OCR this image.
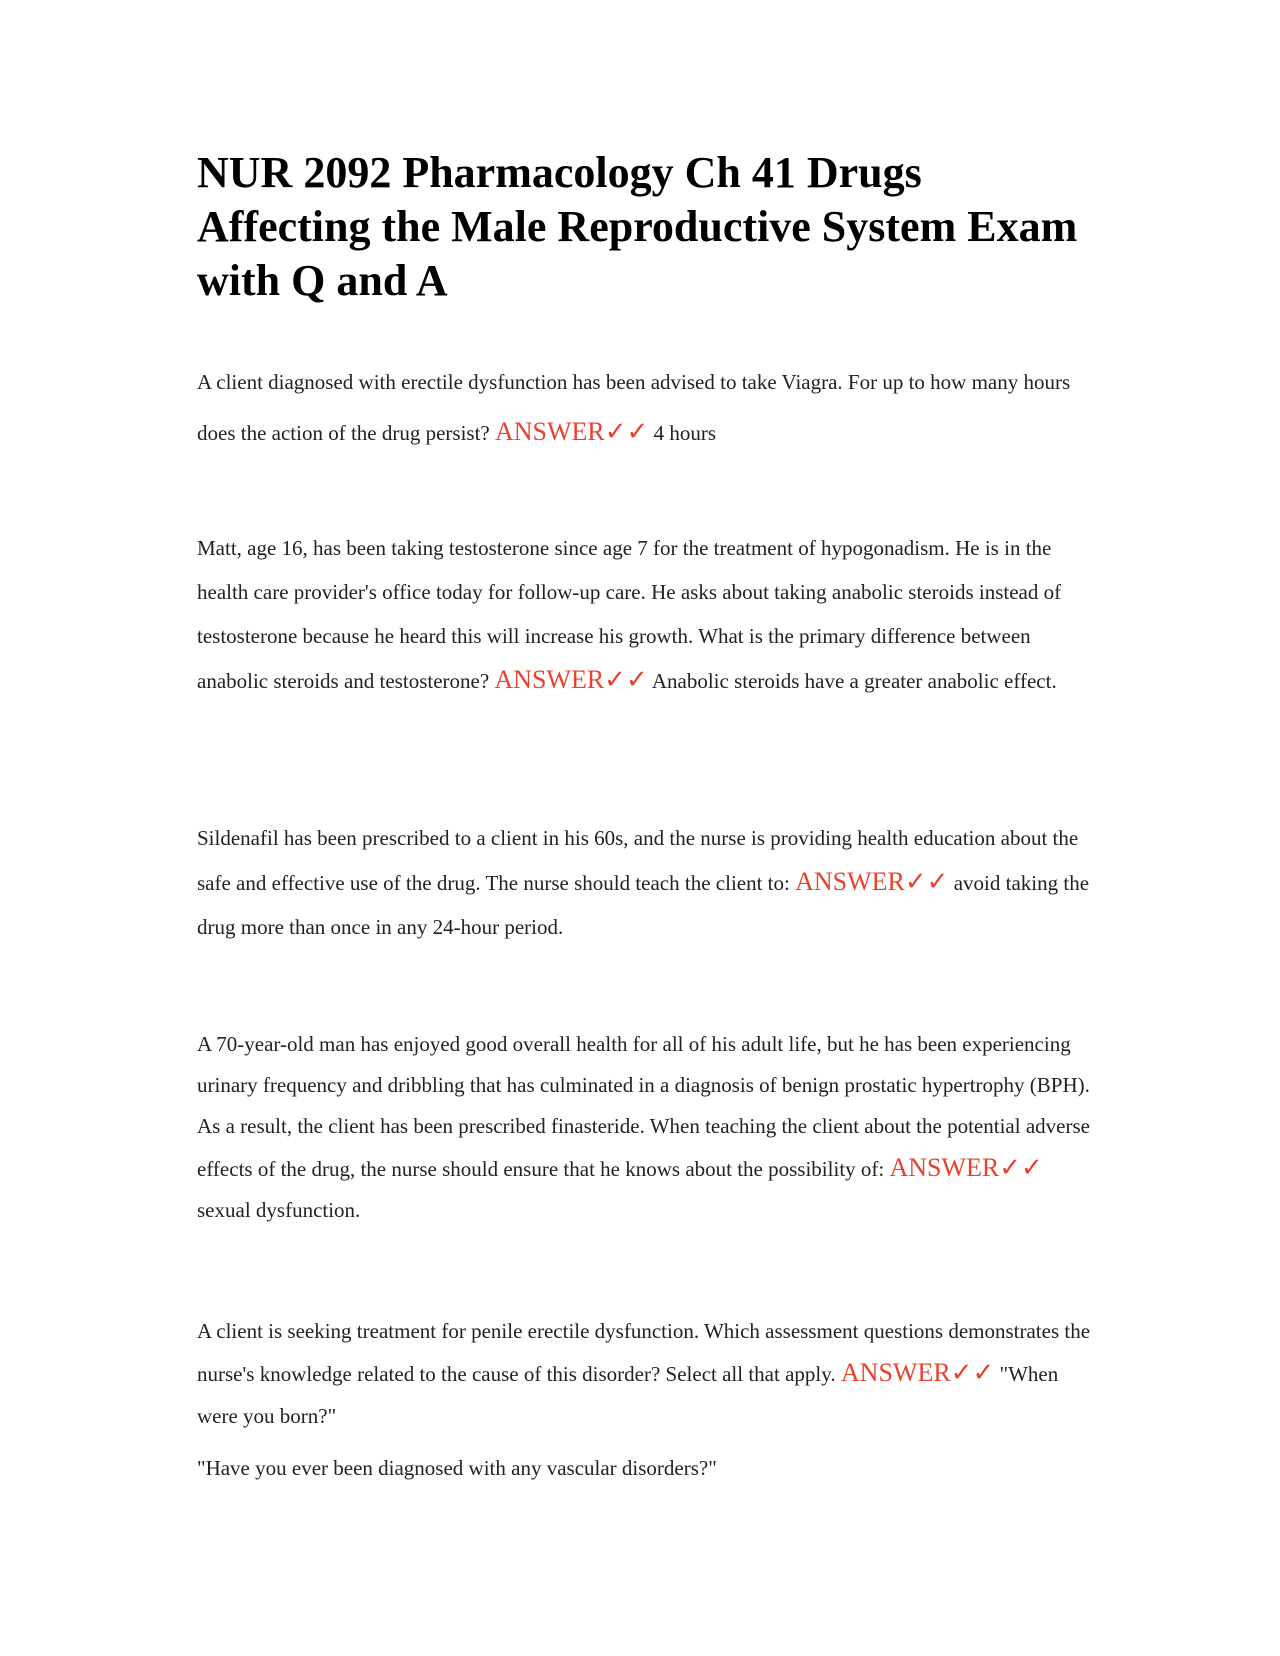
NUR 2092 Pharmacology Ch 41 Drugs Affecting the Male Reproductive System Exam with Q and A

A client diagnosed with erectile dysfunction has been advised to take Viagra. For up to how many hours does the action of the drug persist? ANSWER✓✓ 4 hours

Matt, age 16, has been taking testosterone since age 7 for the treatment of hypogonadism. He is in the health care provider's office today for follow-up care. He asks about taking anabolic steroids instead of testosterone because he heard this will increase his growth. What is the primary difference between anabolic steroids and testosterone? ANSWER✓✓ Anabolic steroids have a greater anabolic effect.

Sildenafil has been prescribed to a client in his 60s, and the nurse is providing health education about the safe and effective use of the drug. The nurse should teach the client to: ANSWER✓✓ avoid taking the drug more than once in any 24-hour period.

A 70-year-old man has enjoyed good overall health for all of his adult life, but he has been experiencing urinary frequency and dribbling that has culminated in a diagnosis of benign prostatic hypertrophy (BPH). As a result, the client has been prescribed finasteride. When teaching the client about the potential adverse effects of the drug, the nurse should ensure that he knows about the possibility of: ANSWER✓✓ sexual dysfunction.

A client is seeking treatment for penile erectile dysfunction. Which assessment questions demonstrates the nurse's knowledge related to the cause of this disorder? Select all that apply. ANSWER✓✓ "When were you born?"

"Have you ever been diagnosed with any vascular disorders?"
